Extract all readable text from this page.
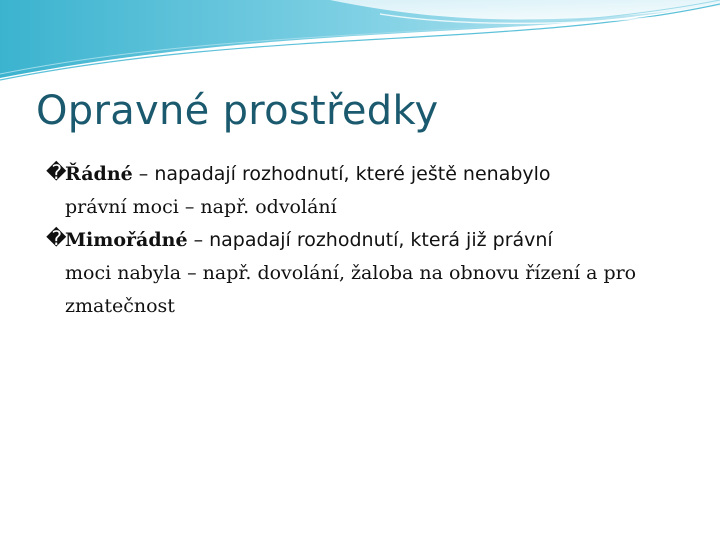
Opravné prostředky

�
Řádné – napadají rozhodnutí, které ještě nenabylo
právní moci – např. odvolání

�
Mimořádné – napadají rozhodnutí, která již právní
moci nabyla – např. dovolání, žaloba na obnovu řízení a pro zmatečnost
